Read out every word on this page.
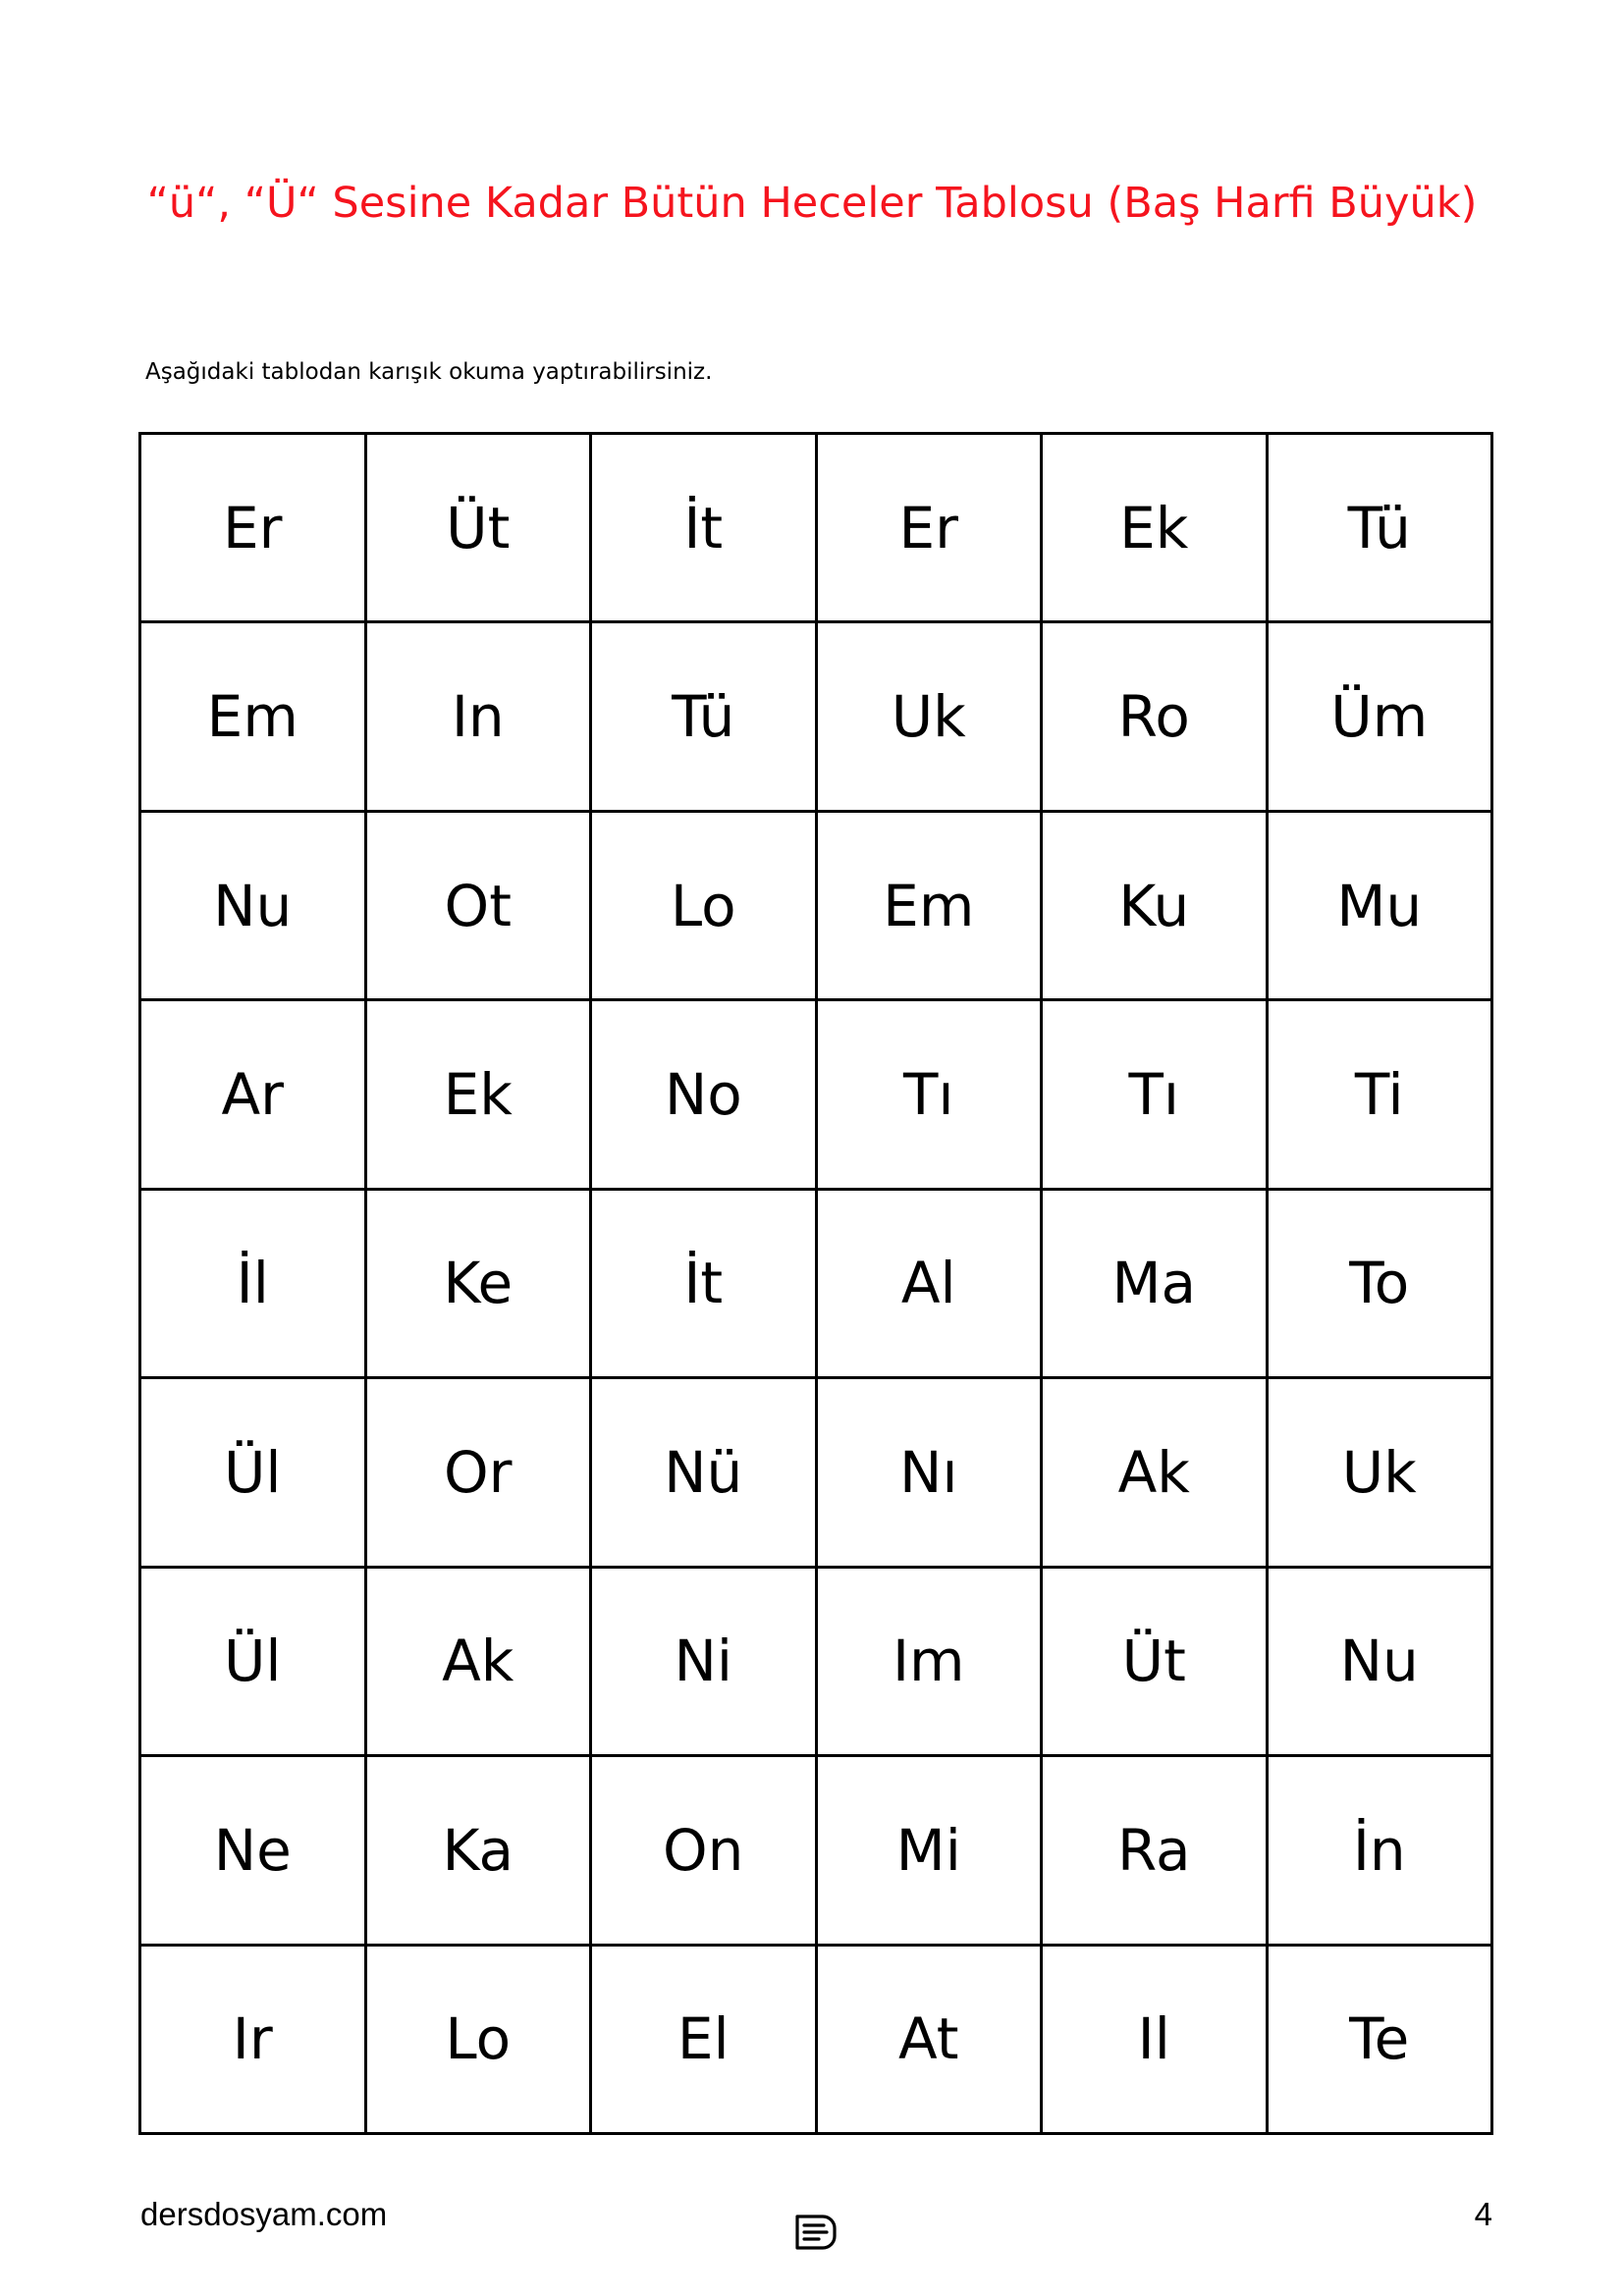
“ü“, “Ü“ Sesine Kadar Bütün Heceler Tablosu (Baş Harfi Büyük)
Aşağıdaki tablodan karışık okuma yaptırabilirsiniz.
Er	Üt	İt	Er	Ek	Tü
Em	In	Tü	Uk	Ro	Üm
Nu	Ot	Lo	Em	Ku	Mu
Ar	Ek	No	Tı	Tı	Ti
İl	Ke	İt	Al	Ma	To
Ül	Or	Nü	Nı	Ak	Uk
Ül	Ak	Ni	Im	Üt	Nu
Ne	Ka	On	Mi	Ra	İn
Ir	Lo	El	At	Il	Te
dersdosyam.com	4
